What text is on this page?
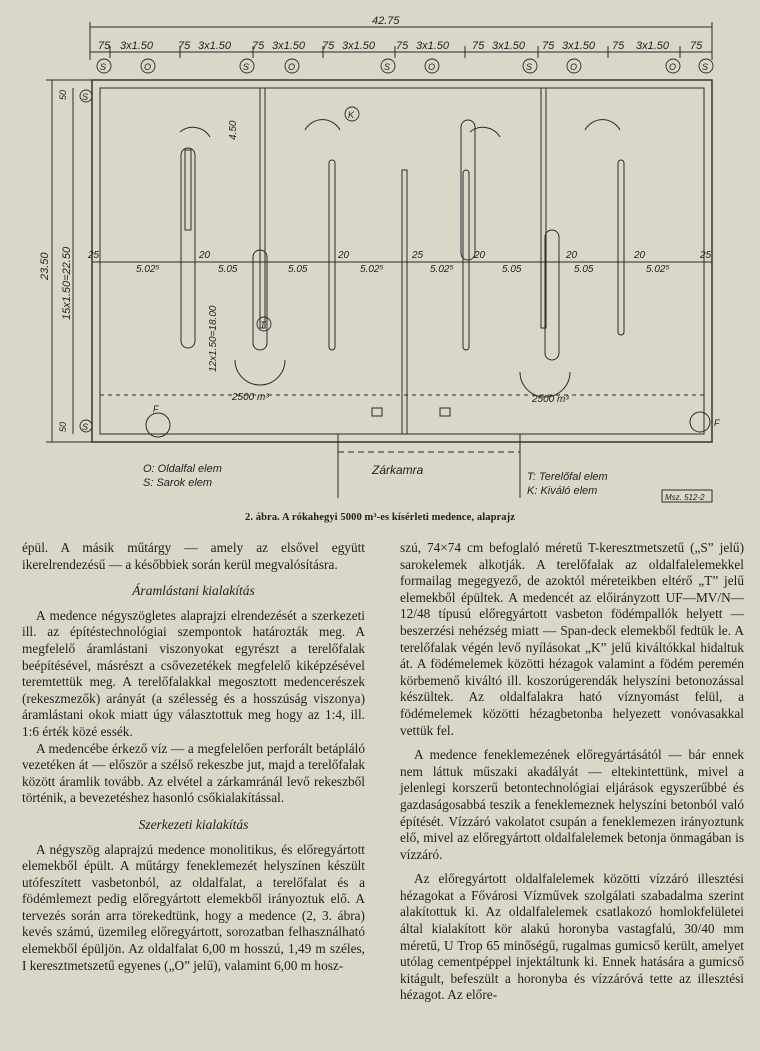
42.75
75 3x1.50 75 3x1.50 75 3x1.50 75 3x1.50 75 3x1.50 75 3x1.50 75 3x1.50 75 3x1.50 75
S	O	S	O	S	O	S	O	O	S
K
T
S
S
F
F
50
50
23.50 15x1.50=22.50
4.50
12x1.50=18.00
25	20	20	25	20	20	20	25
5.02⁵	5.05	5.05	5.02⁵	5.02⁵	5.05	5.05	5.02⁵
2500 m³	2500 m³
Zárkamra
O: Oldalfal elem
S: Sarok elem	T: Terelőfal elem
K: Kiváló elem
Msz. 512-2
2. ábra. A rókahegyi 5000 m³-es kísérleti medence, alaprajz

épül. A másik műtárgy — amely az elsővel együtt ikerelrendezésű — a későbbiek során kerül megvalósításra.

Áramlástani kialakítás

A medence négyszögletes alaprajzi elrendezését a szerkezeti ill. az építéstechnológiai szempontok határozták meg. A megfelelő áramlástani viszonyokat egyrészt a terelőfalak beépítésével, másrészt a csővezetékek megfelelő kiképzésével teremtettük meg. A terelőfalakkal megosztott medencerészek (rekeszmezők) arányát (a szélesség és a hosszúság viszonya) áramlástani okok miatt úgy választottuk meg hogy az 1:4, ill. 1:6 érték közé essék.

A medencébe érkező víz — a megfelelően perforált betápláló vezetéken át — először a szélső rekeszbe jut, majd a terelőfalak között áramlik tovább. Az elvétel a zárkamránál levő rekeszből történik, a bevezetéshez hasonló csőkialakítással.

Szerkezeti kialakítás

A négyszög alaprajzú medence monolitikus, és előregyártott elemekből épült. A műtárgy feneklemezét helyszínen készült utófeszített vasbetonból, az oldalfalat, a terelőfalat és a födémlemezt pedig előregyártott elemekből irányoztuk elő. A tervezés során arra törekedtünk, hogy a medence (2, 3. ábra) kevés számú, üzemileg előregyártott, sorozatban felhasználható elemekből épüljön. Az oldalfalat 6,00 m hosszú, 1,49 m széles, I keresztmetszetű egyenes („O” jelű), valamint 6,00 m hosz-

szú, 74×74 cm befoglaló méretű T-keresztmetszetű („S” jelű) sarokelemek alkotják. A terelőfalak az oldalfalelemekkel formailag megegyező, de azoktól méreteikben eltérő „T” jelű elemekből épültek. A medencét az előirányzott UF—MV/N—12/48 típusú előregyártott vasbeton födémpallók helyett — beszerzési nehézség miatt — Span-deck elemekből fedtük le. A terelőfalak végén levő nyílásokat „K” jelű kiváltókkal hidaltuk át. A födémelemek közötti hézagok valamint a födém peremén körbemenő kiváltó ill. koszorúgerendák helyszíni betonozással készültek. Az oldalfalakra ható víznyomást felül, a födémelemek közötti hézagbetonba helyezett vonóvasakkal vettük fel.

A medence feneklemezének előregyártásától — bár ennek nem láttuk műszaki akadályát — eltekintettünk, mivel a jelenlegi korszerű betontechnológiai eljárások egyszerűbbé és gazdaságosabbá teszik a feneklemeznek helyszíni betonból való építését. Vízzáró vakolatot csupán a feneklemezen irányoztunk elő, mivel az előregyártott oldalfalelemek betonja önmagában is vízzáró.

Az előregyártott oldalfalelemek közötti vízzáró illesztési hézagokat a Fővárosi Vízművek szolgálati szabadalma szerint alakítottuk ki. Az oldalfalelemek csatlakozó homlokfelületei által kialakított kör alakú horonyba vastagfalú, 30/40 mm méretű, U Trop 65 minőségű, rugalmas gumicső került, amelyet utólag cementpéppel injektáltunk ki. Ennek hatására a gumicső kitágult, befeszült a horonyba és vízzáróvá tette az illesztési hézagot. Az előre-
